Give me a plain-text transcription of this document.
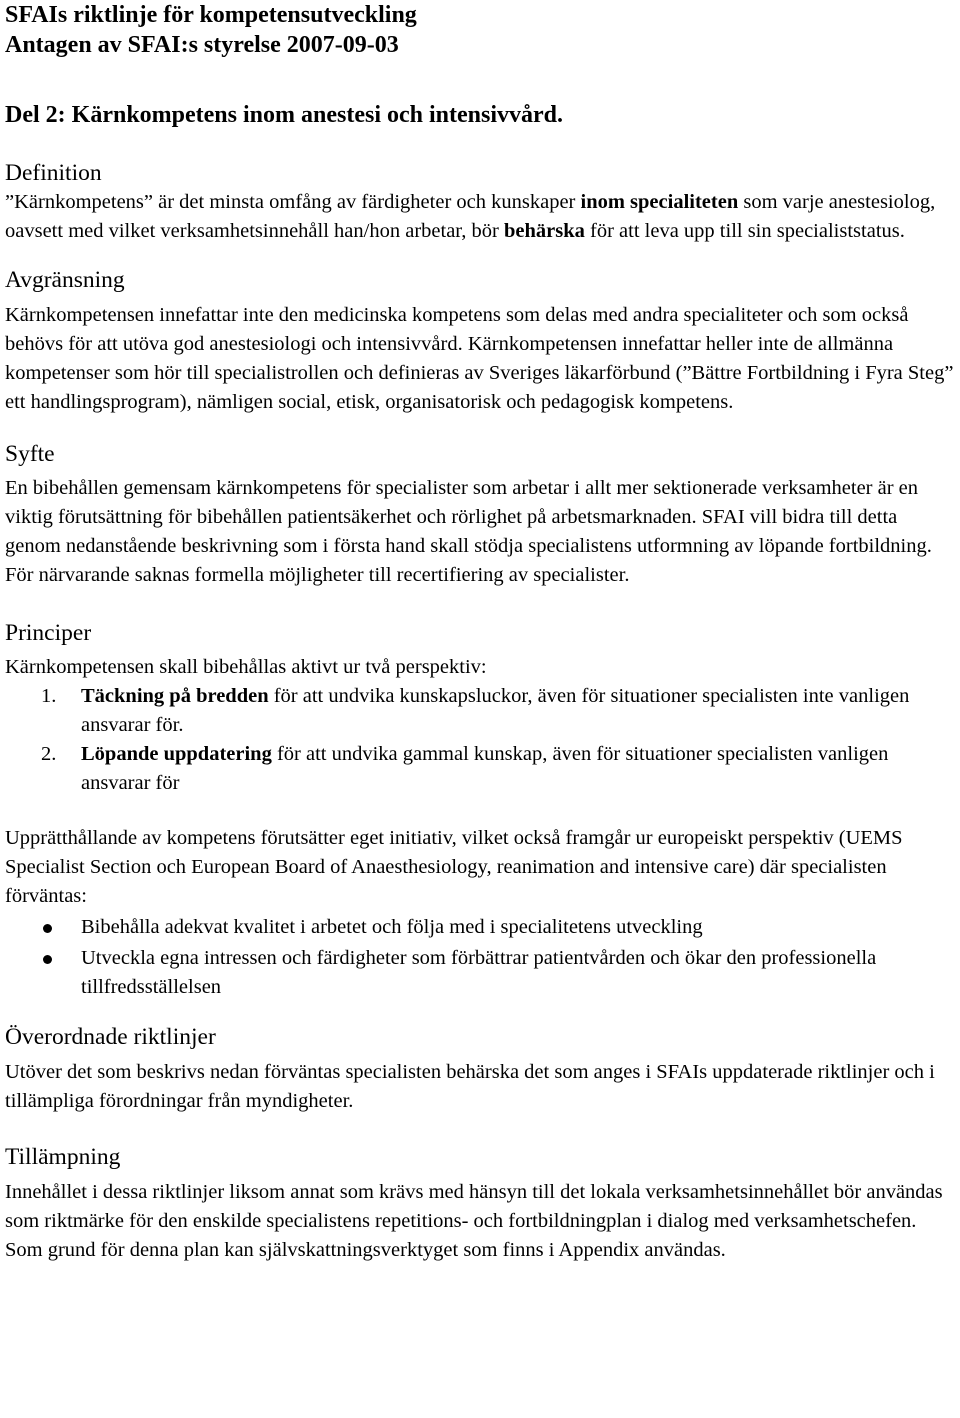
SFAIs riktlinje för kompetensutveckling
Antagen av SFAI:s styrelse 2007-09-03
Del 2: Kärnkompetens inom anestesi och intensivvård.
Definition

”Kärnkompetens” är det minsta omfång av färdigheter och kunskaper inom specialiteten som varje anestesiolog, oavsett med vilket verksamhetsinnehåll han/hon arbetar, bör behärska för att leva upp till sin specialiststatus.

Avgränsning

Kärnkompetensen innefattar inte den medicinska kompetens som delas med andra specialiteter och som också behövs för att utöva god anestesiologi och intensivvård. Kärnkompetensen innefattar heller inte de allmänna kompetenser som hör till specialistrollen och definieras av Sveriges läkarförbund (”Bättre Fortbildning i Fyra Steg” ett handlingsprogram), nämligen social, etisk, organisatorisk och pedagogisk kompetens.

Syfte

En bibehållen gemensam kärnkompetens för specialister som arbetar i allt mer sektionerade verksamheter är en viktig förutsättning för bibehållen patientsäkerhet och rörlighet på arbetsmarknaden. SFAI vill bidra till detta genom nedanstående beskrivning som i första hand skall stödja specialistens utformning av löpande fortbildning. För närvarande saknas formella möjligheter till recertifiering av specialister.

Principer

Kärnkompetensen skall bibehållas aktivt ur två perspektiv:

1. Täckning på bredden för att undvika kunskapsluckor, även för situationer specialisten inte vanligen ansvarar för.
2. Löpande uppdatering för att undvika gammal kunskap, även för situationer specialisten vanligen ansvarar för

Upprätthållande av kompetens förutsätter eget initiativ, vilket också framgår ur europeiskt perspektiv (UEMS Specialist Section och European Board of Anaesthesiology, reanimation and intensive care) där specialisten förväntas:

Bibehålla adekvat kvalitet i arbetet och följa med i specialitetens utveckling
Utveckla egna intressen och färdigheter som förbättrar patientvården och ökar den professionella tillfredsställelsen
Överordnade riktlinjer

Utöver det som beskrivs nedan förväntas specialisten behärska det som anges i SFAIs uppdaterade riktlinjer och i tillämpliga förordningar från myndigheter.

Tillämpning

Innehållet i dessa riktlinjer liksom annat som krävs med hänsyn till det lokala verksamhetsinnehållet bör användas som riktmärke för den enskilde specialistens repetitions- och fortbildningplan i dialog med verksamhetschefen.

Som grund för denna plan kan självskattningsverktyget som finns i Appendix användas.
